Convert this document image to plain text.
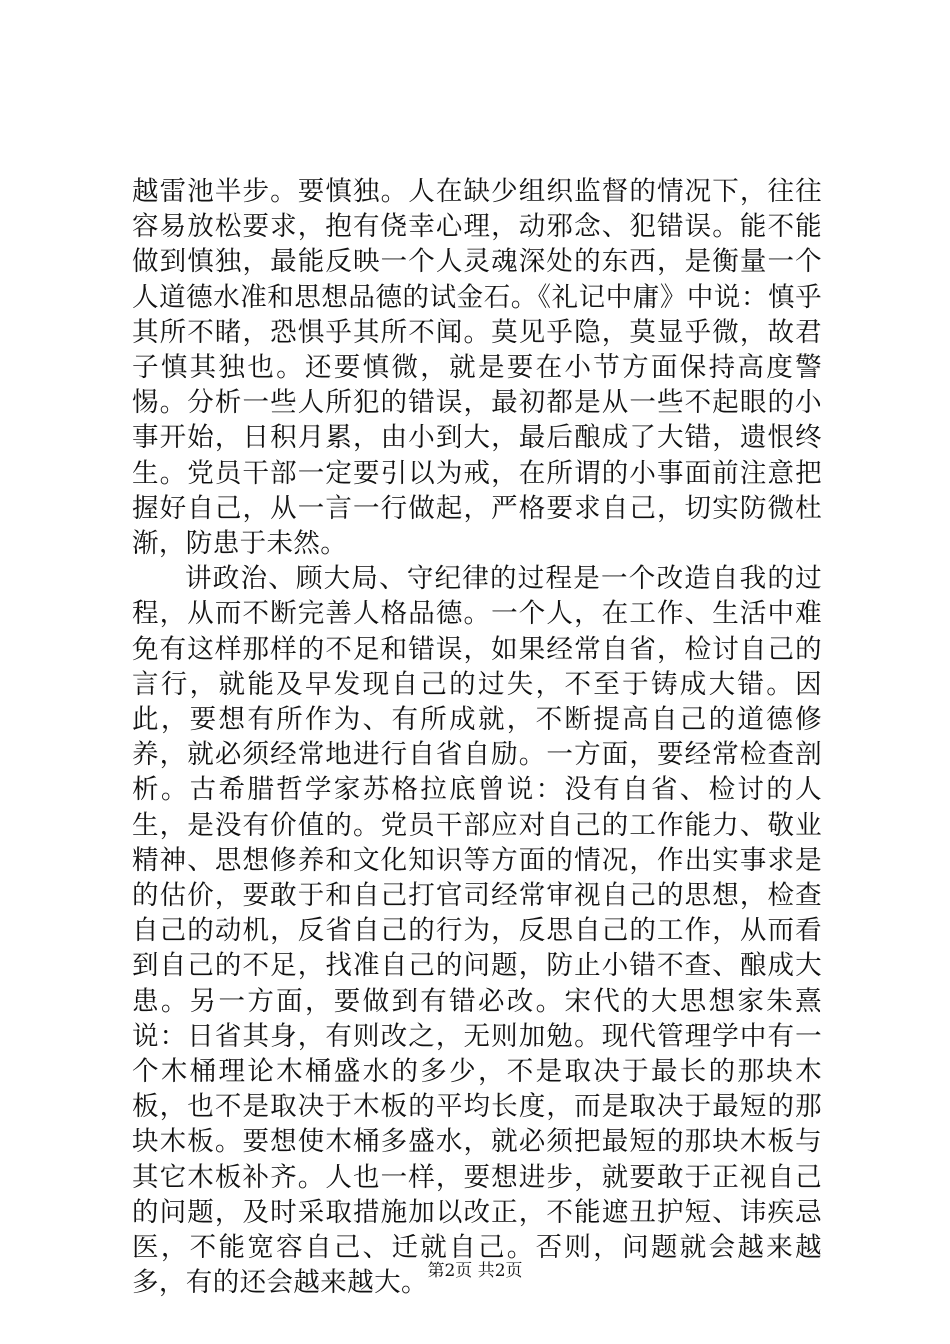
越雷池半步。要慎独。人在缺少组织监督的情况下，往往容易放松要求，抱有侥幸心理，动邪念、犯错误。能不能做到慎独，最能反映一个人灵魂深处的东西，是衡量一个人道德水准和思想品德的试金石。《礼记中庸》中说：慎乎其所不睹，恐惧乎其所不闻。莫见乎隐，莫显乎微，故君子慎其独也。还要慎微，就是要在小节方面保持高度警惕。分析一些人所犯的错误，最初都是从一些不起眼的小事开始，日积月累，由小到大，最后酿成了大错，遗恨终生。党员干部一定要引以为戒，在所谓的小事面前注意把握好自己，从一言一行做起，严格要求自己，切实防微杜渐，防患于未然。

讲政治、顾大局、守纪律的过程是一个改造自我的过程，从而不断完善人格品德。一个人，在工作、生活中难免有这样那样的不足和错误，如果经常自省，检讨自己的言行，就能及早发现自己的过失，不至于铸成大错。因此，要想有所作为、有所成就，不断提高自己的道德修养，就必须经常地进行自省自励。一方面，要经常检查剖析。古希腊哲学家苏格拉底曾说：没有自省、检讨的人生，是没有价值的。党员干部应对自己的工作能力、敬业精神、思想修养和文化知识等方面的情况，作出实事求是的估价，要敢于和自己打官司经常审视自己的思想，检查自己的动机，反省自己的行为，反思自己的工作，从而看到自己的不足，找准自己的问题，防止小错不查、酿成大患。另一方面，要做到有错必改。宋代的大思想家朱熹说：日省其身，有则改之，无则加勉。现代管理学中有一个木桶理论木桶盛水的多少，不是取决于最长的那块木板，也不是取决于木板的平均长度，而是取决于最短的那块木板。要想使木桶多盛水，就必须把最短的那块木板与其它木板补齐。人也一样，要想进步，就要敢于正视自己的问题，及时采取措施加以改正，不能遮丑护短、讳疾忌医，不能宽容自己、迁就自己。否则，问题就会越来越多，有的还会越来越大。 第2页 共2页
